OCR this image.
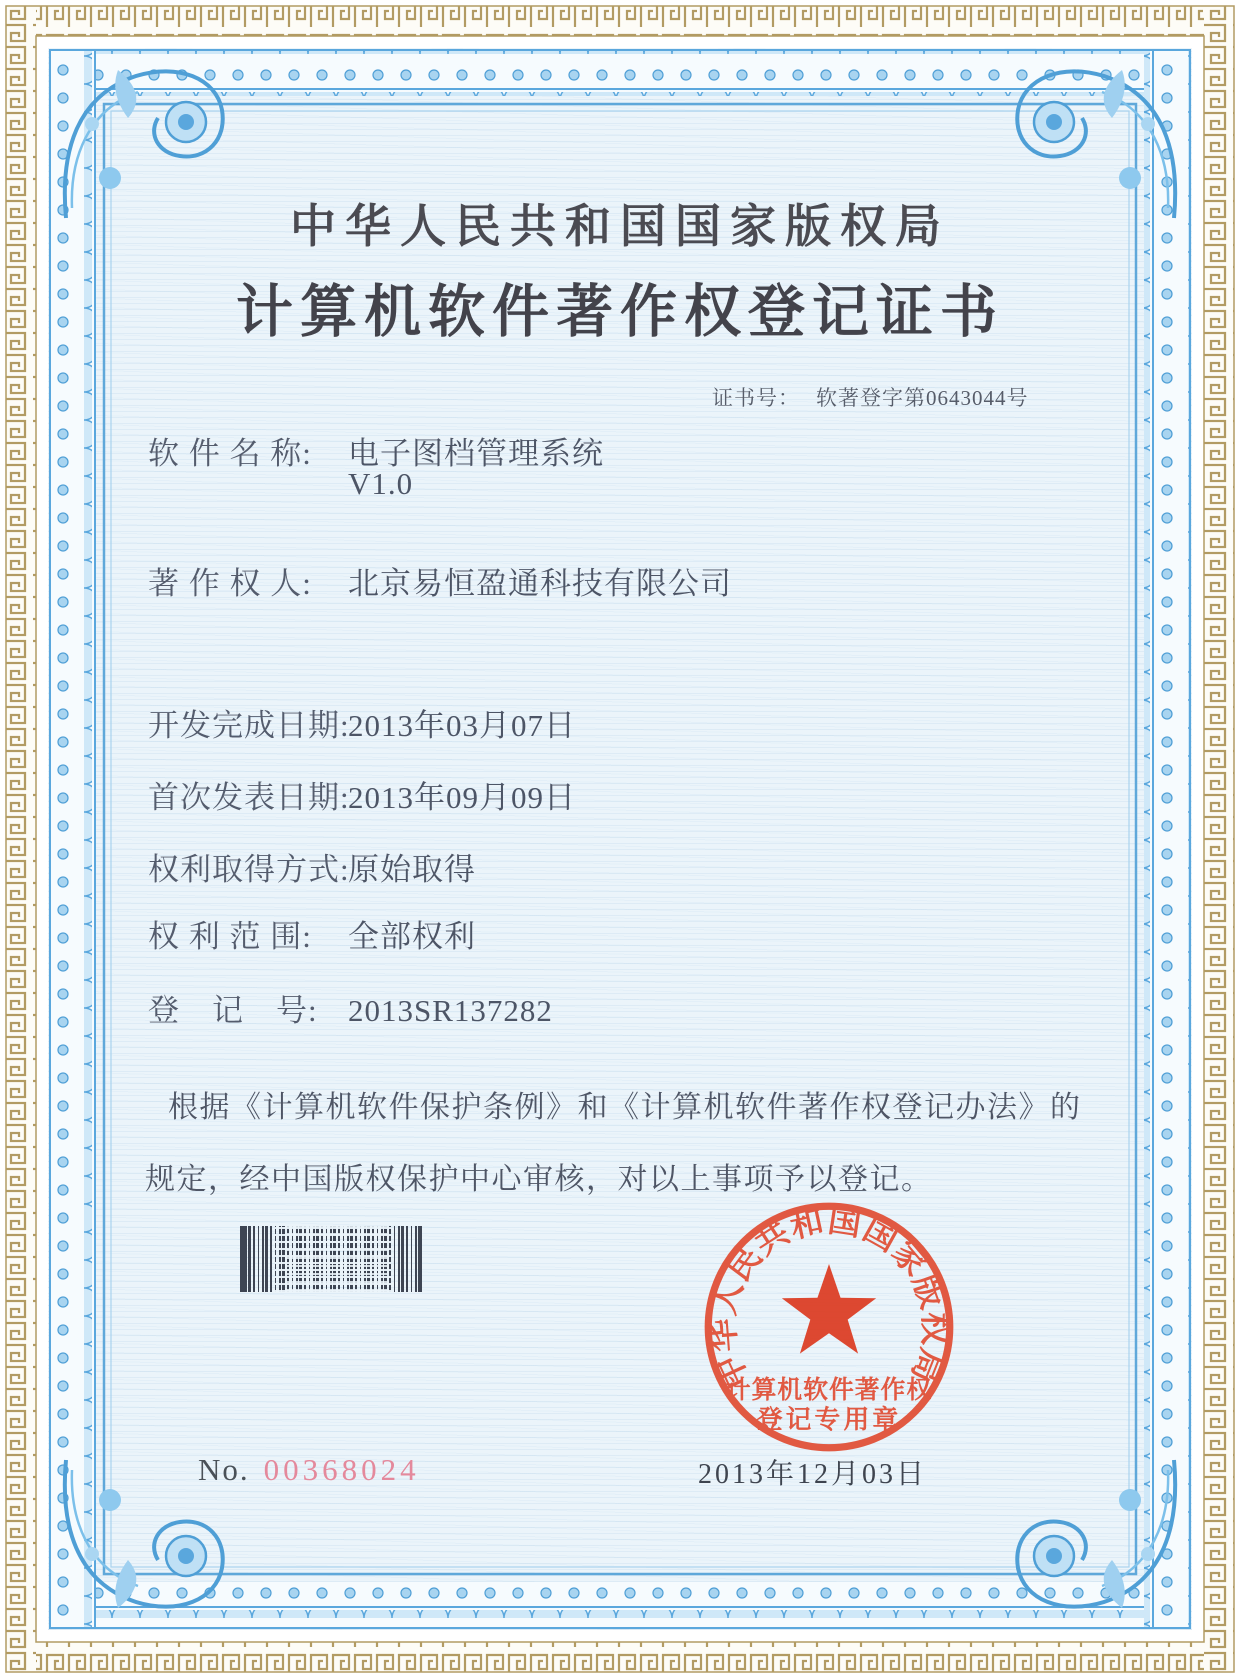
中华人民共和国国家版权局
计算机软件著作权登记证书
证书号： 软著登字第0643044号
软 件 名 称: 电子图档管理系统
V1.0
著 作 权 人: 北京易恒盈通科技有限公司
开发完成日期:2013年03月07日
首次发表日期:2013年09月09日
权利取得方式:原始取得
权 利 范 围: 全部权利
登　记　号: 2013SR137282
根据《计算机软件保护条例》和《计算机软件著作权登记办法》的
规定，经中国版权保护中心审核，对以上事项予以登记。
中华人民共和国国家版权局
计算机软件著作权
登记专用章
No. 00368024	2013年12月03日
